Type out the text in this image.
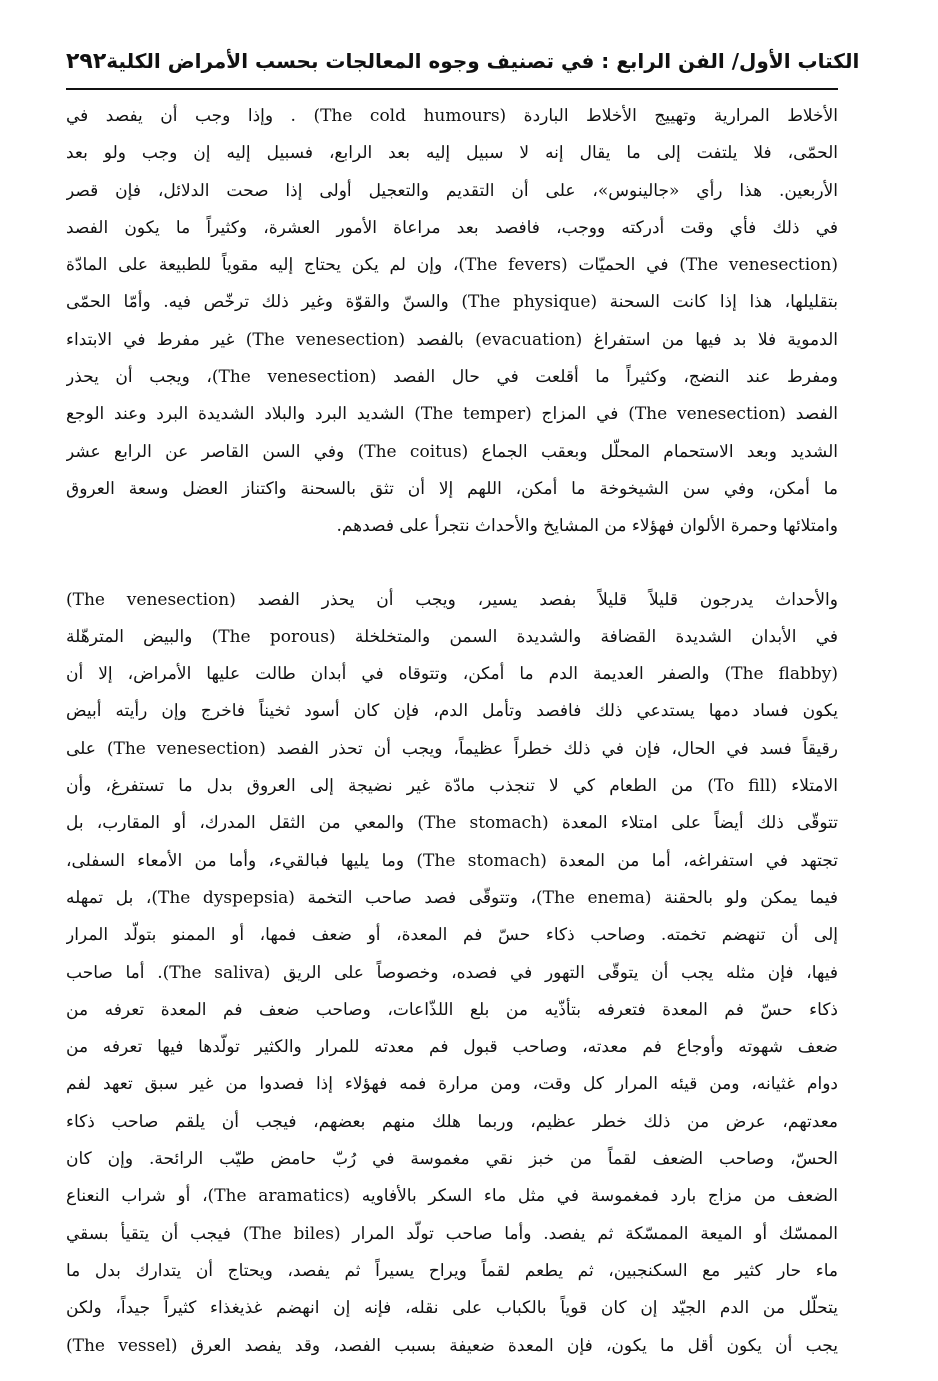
٢٩٢ الكتاب الأول/ الفن الرابع : في تصنيف وجوه المعالجات بحسب الأمراض الكلية
الأخلاط المرارية وتهييج الأخلاط الباردة (The cold humours) . وإذا وجب أن يفصد في
الحمّى، فلا يلتفت إلى ما يقال إنه لا سبيل إليه بعد الرابع، فسبيل إليه إن وجب ولو بعد
الأربعين. هذا رأي «جالينوس»، على أن التقديم والتعجيل أولى إذا صحت الدلائل، فإن قصر
في ذلك فأي وقت أدركته ووجب، فافصد بعد مراعاة الأمور العشرة، وكثيراً ما يكون الفصد
(The venesection) في الحميّات (The fevers)، وإن لم يكن يحتاج إليه مقوياً للطبيعة على المادّة
بتقليلها، هذا إذا كانت السحنة (The physique) والسنّ والقوّة وغير ذلك ترخّص فيه. وأمّا الحمّى
الدموية فلا بد فيها من استفراغ (evacuation) بالفصد (The venesection) غير مفرط في الابتداء
ومفرط عند النضج، وكثيراً ما أقلعت في حال الفصد (The venesection)، ويجب أن يحذر
الفصد (The venesection) في المزاج (The temper) الشديد البرد والبلاد الشديدة البرد وعند الوجع
الشديد وبعد الاستحمام المحلّل وبعقب الجماع (The coitus) وفي السن القاصر عن الرابع عشر
ما أمكن، وفي سن الشيخوخة ما أمكن، اللهم إلا أن تثق بالسحنة واكتناز العضل وسعة العروق
وامتلائها وحمرة الألوان فهؤلاء من المشايخ والأحداث نتجرأ على فصدهم.
والأحداث يدرجون قليلاً قليلاً بفصد يسير، ويجب أن يحذر الفصد (The venesection)
في الأبدان الشديدة القضافة والشديدة السمن والمتخلخلة (The porous) والبيض المترهّلة
(The flabby) والصفر العديمة الدم ما أمكن، وتتوقاه في أبدان طالت عليها الأمراض، إلا أن
يكون فساد دمها يستدعي ذلك فافصد وتأمل الدم، فإن كان أسود ثخيناً فاخرج وإن رأيته أبيض
رقيقاً فسد في الحال، فإن في ذلك خطراً عظيماً، ويجب أن تحذر الفصد (The venesection) على
الامتلاء (To fill) من الطعام كي لا تنجذب مادّة غير نضيجة إلى العروق بدل ما تستفرغ، وأن
تتوقّى ذلك أيضاً على امتلاء المعدة (The stomach) والمعي من الثقل المدرك، أو المقارب، بل
تجتهد في استفراغه، أما من المعدة (The stomach) وما يليها فبالقيء، وأما من الأمعاء السفلى،
فيما يمكن ولو بالحقنة (The enema)، وتتوقّى فصد صاحب التخمة (The dyspepsia)، بل تمهله
إلى أن تنهضم تخمته. وصاحب ذكاء حسّ فم المعدة، أو ضعف فمها، أو الممنو بتولّد المرار
فيها، فإن مثله يجب أن يتوقّى التهور في فصده، وخصوصاً على الريق (The saliva). أما صاحب
ذكاء حسّ فم المعدة فتعرفه بتأذّيه من بلع اللذّاعات، وصاحب ضعف فم المعدة تعرفه من
ضعف شهوته وأوجاع فم معدته، وصاحب قبول فم معدته للمرار والكثير تولّدها فيها تعرفه من
دوام غثيانه، ومن قيئه المرار كل وقت، ومن مرارة فمه فهؤلاء إذا فصدوا من غير سبق تعهد لفم
معدتهم، عرض من ذلك خطر عظيم، وربما هلك منهم بعضهم، فيجب أن يلقم صاحب ذكاء
الحسّ، وصاحب الضعف لقماً من خبز نقي مغموسة في رُبّ حامض طيّب الرائحة. وإن كان
الضعف من مزاج بارد فمغموسة في مثل ماء السكر بالأفاويه (The aramatics)، أو شراب النعناع
الممسّك أو الميعة الممسّكة ثم يفصد. وأما صاحب تولّد المرار (The biles) فيجب أن يتقيأ بسقي
ماء حار كثير مع السكنجبين، ثم يطعم لقماً ويراح يسيراً ثم يفصد، ويحتاج أن يتدارك بدل ما
يتحلّل من الدم الجيّد إن كان قوياً بالكباب على نقله، فإنه إن انهضم غذيغذاء كثيراً جيداً، ولكن
يجب أن يكون أقل ما يكون، فإن المعدة ضعيفة بسبب الفصد، وقد يفصد العرق (The vessel)
